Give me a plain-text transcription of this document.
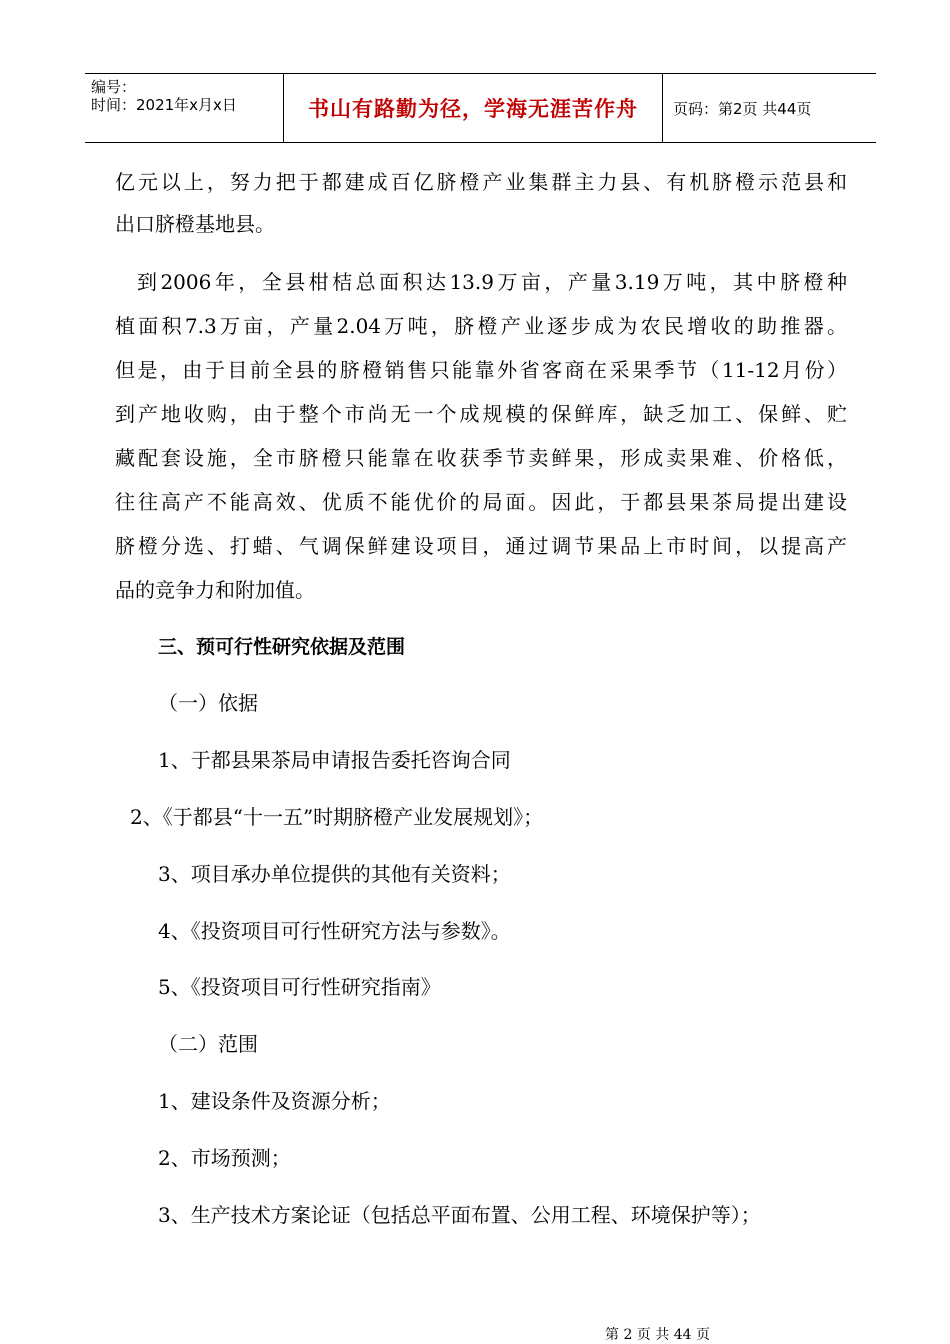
编号：
时间：2021年x月x日	书山有路勤为径，学海无涯苦作舟	页码：第2页 共44页
亿元以上，努力把于都建成百亿脐橙产业集群主力县、有机脐橙示范县和
出口脐橙基地县。
到2006年，全县柑桔总面积达13.9万亩，产量3.19万吨，其中脐橙种
植面积7.3万亩，产量2.04万吨，脐橙产业逐步成为农民增收的助推器。
但是，由于目前全县的脐橙销售只能靠外省客商在采果季节（11-12月份）
到产地收购，由于整个市尚无一个成规模的保鲜库，缺乏加工、保鲜、贮
藏配套设施，全市脐橙只能靠在收获季节卖鲜果，形成卖果难、价格低，
往往高产不能高效、优质不能优价的局面。因此，于都县果茶局提出建设
脐橙分选、打蜡、气调保鲜建设项目，通过调节果品上市时间，以提高产
品的竞争力和附加值。
三、预可行性研究依据及范围
（一）依据
1、于都县果茶局申请报告委托咨询合同
2、《于都县“十一五”时期脐橙产业发展规划》；
3、项目承办单位提供的其他有关资料；
4、《投资项目可行性研究方法与参数》。
5、《投资项目可行性研究指南》
（二）范围
1、建设条件及资源分析；
2、市场预测；
3、生产技术方案论证（包括总平面布置、公用工程、环境保护等）；
第 2 页 共 44 页
